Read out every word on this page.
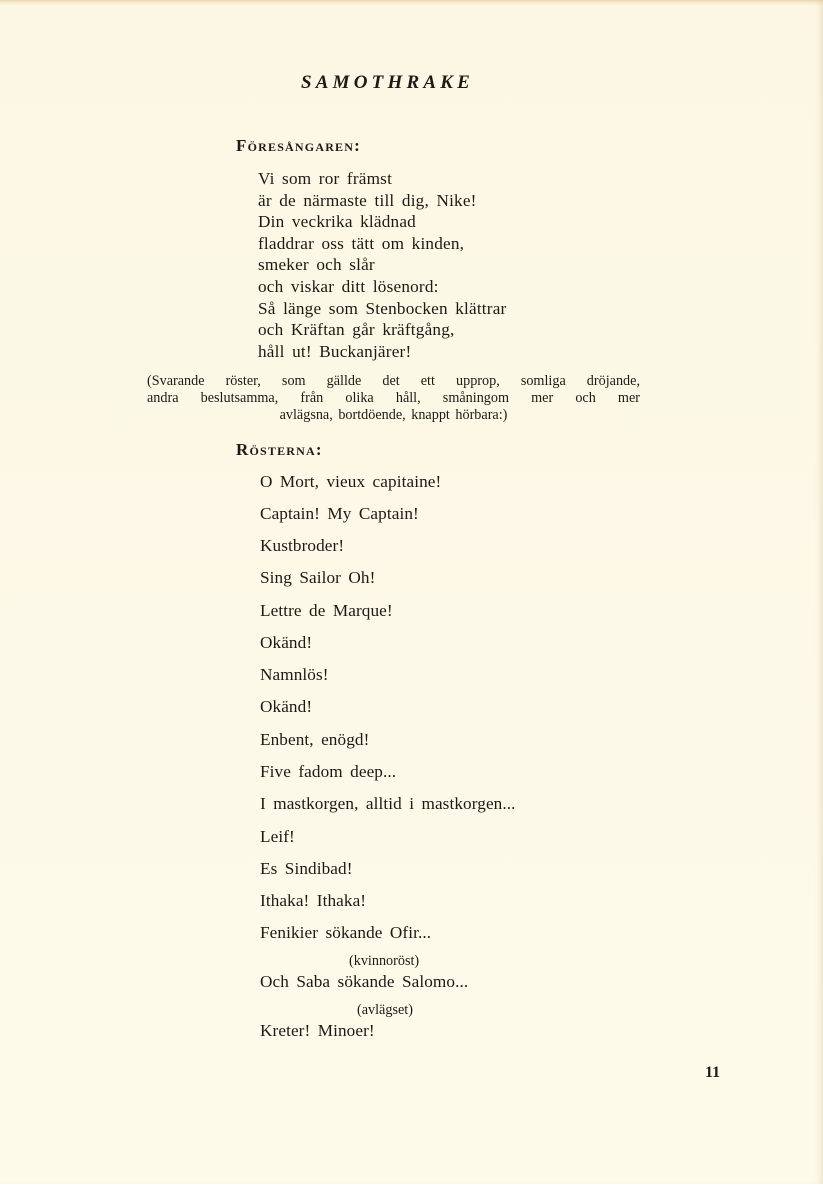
SAMOTHRAKE
Föresångaren:
Vi som ror främst
är de närmaste till dig, Nike!
Din veckrika klädnad
fladdrar oss tätt om kinden,
smeker och slår
och viskar ditt lösenord:
Så länge som Stenbocken klättrar
och Kräftan går kräftgång,
håll ut! Buckanjärer!
(Svarande röster, som gällde det ett upprop, somliga dröjande,
andra beslutsamma, från olika håll, småningom mer och mer
avlägsna, bortdöende, knappt hörbara:)
Rösterna:
O Mort, vieux capitaine!
Captain! My Captain!
Kustbroder!
Sing Sailor Oh!
Lettre de Marque!
Okänd!
Namnlös!
Okänd!
Enbent, enögd!
Five fadom deep...
I mastkorgen, alltid i mastkorgen...
Leif!
Es Sindibad!
Ithaka! Ithaka!
Fenikier sökande Ofir...
(kvinnoröst)
Och Saba sökande Salomo...
(avlägset)
Kreter! Minoer!
11
